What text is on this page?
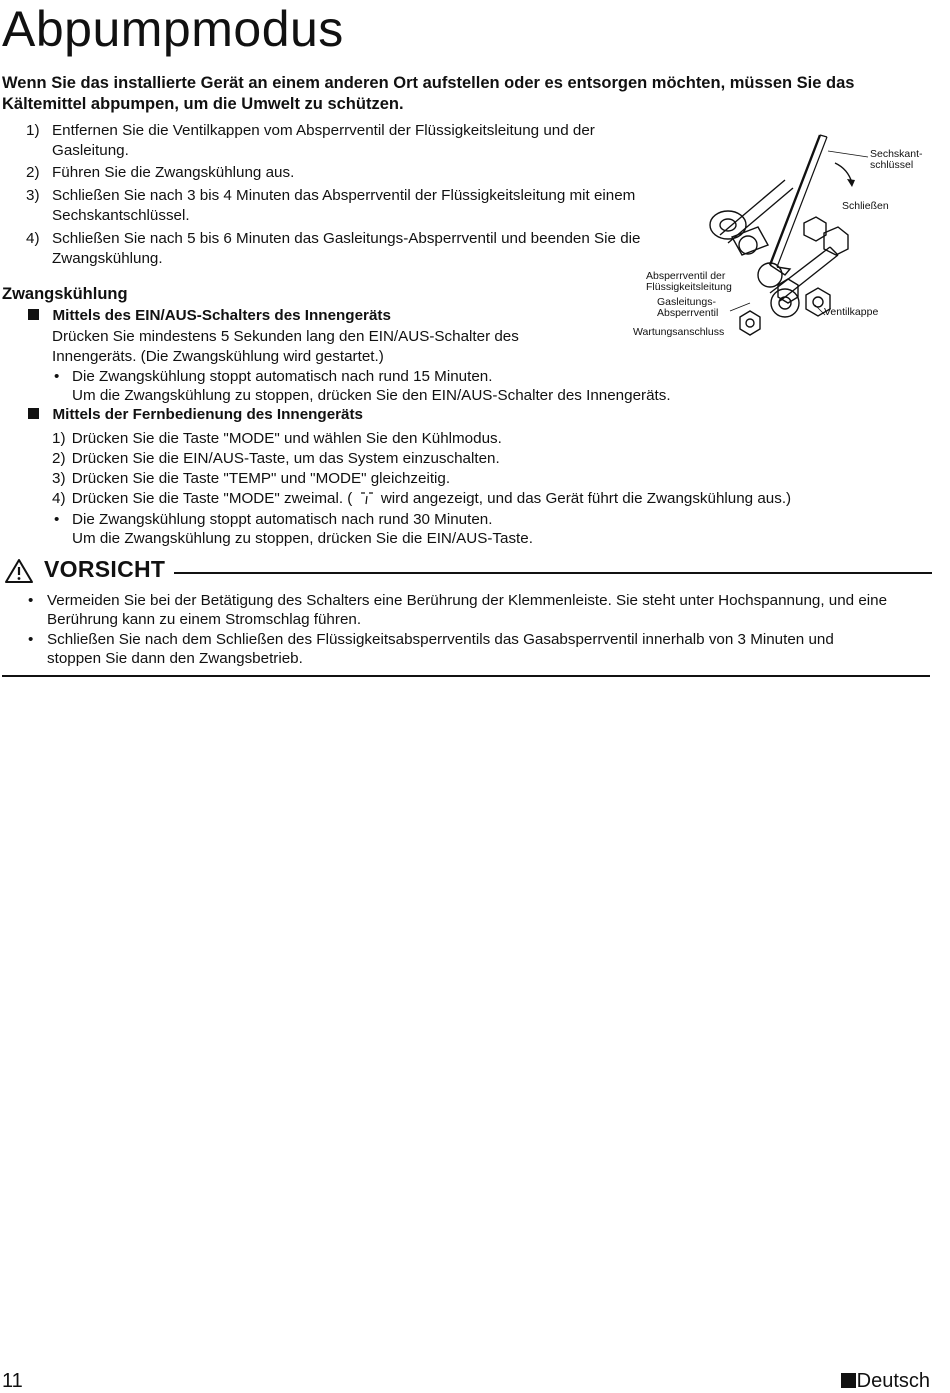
Abpumpmodus
Wenn Sie das installierte Gerät an einem anderen Ort aufstellen oder es entsorgen möchten, müssen Sie das Kältemittel abpumpen, um die Umwelt zu schützen.
1) Entfernen Sie die Ventilkappen vom Absperrventil der Flüssigkeitsleitung und der Gasleitung.
2) Führen Sie die Zwangskühlung aus.
3) Schließen Sie nach 3 bis 4 Minuten das Absperrventil der Flüssigkeitsleitung mit einem Sechskantschlüssel.
4) Schließen Sie nach 5 bis 6 Minuten das Gasleitungs-Absperrventil und beenden Sie die Zwangskühlung.
Sechskant-
schlüssel
Schließen
Absperrventil der
Flüssigkeitsleitung
Gasleitungs-
Absperrventil	Ventilkappe
Wartungsanschluss
Zwangskühlung
Mittels des EIN/AUS-Schalters des Innengeräts
Drücken Sie mindestens 5 Sekunden lang den EIN/AUS-Schalter des
Innengeräts. (Die Zwangskühlung wird gestartet.)
• Die Zwangskühlung stoppt automatisch nach rund 15 Minuten.
Um die Zwangskühlung zu stoppen, drücken Sie den EIN/AUS-Schalter des Innengeräts.
Mittels der Fernbedienung des Innengeräts
1) Drücken Sie die Taste "MODE" und wählen Sie den Kühlmodus.
2) Drücken Sie die EIN/AUS-Taste, um das System einzuschalten.
3) Drücken Sie die Taste "TEMP" und "MODE" gleichzeitig.
4) Drücken Sie die Taste "MODE" zweimal. ( wird angezeigt, und das Gerät führt die Zwangskühlung aus.)
• Die Zwangskühlung stoppt automatisch nach rund 30 Minuten.
Um die Zwangskühlung zu stoppen, drücken Sie die EIN/AUS-Taste.
VORSICHT
• Vermeiden Sie bei der Betätigung des Schalters eine Berührung der Klemmenleiste. Sie steht unter Hochspannung, und eine
Berührung kann zu einem Stromschlag führen.
• Schließen Sie nach dem Schließen des Flüssigkeitsabsperrventils das Gasabsperrventil innerhalb von 3 Minuten und
stoppen Sie dann den Zwangsbetrieb.
11	Deutsch
